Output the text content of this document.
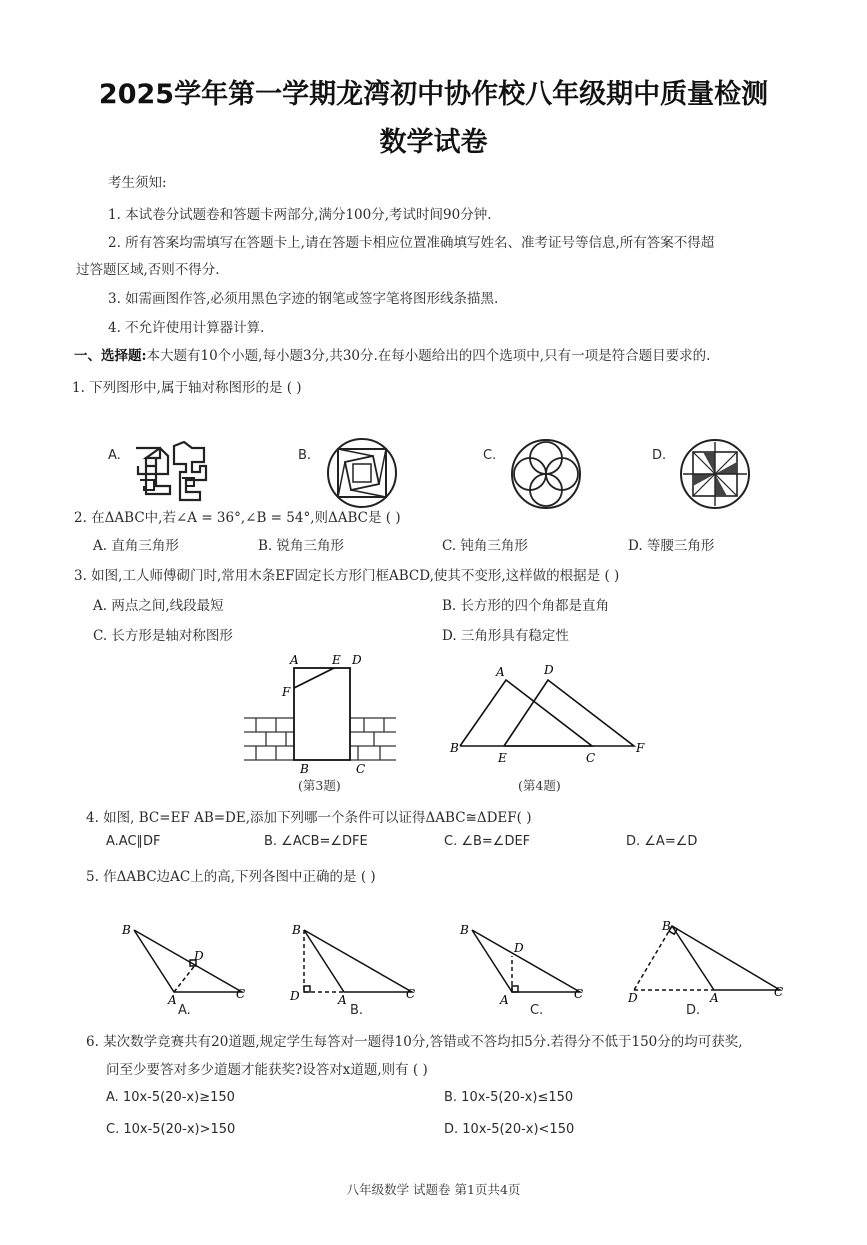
2025学年第一学期龙湾初中协作校八年级期中质量检测
数学试卷
考生须知:
1. 本试卷分试题卷和答题卡两部分,满分100分,考试时间90分钟.
2. 所有答案均需填写在答题卡上,请在答题卡相应位置准确填写姓名、准考证号等信息,所有答案不得超
过答题区域,否则不得分.
3. 如需画图作答,必须用黑色字迹的钢笔或签字笔将图形线条描黑.
4. 不允许使用计算器计算.
一、选择题:本大题有10个小题,每小题3分,共30分.在每小题给出的四个选项中,只有一项是符合题目要求的.
1. 下列图形中,属于轴对称图形的是 ( )
A.	B.	C.	D.
2. 在ΔABC中,若∠A = 36°,∠B = 54°,则ΔABC是 ( )
A. 直角三角形	B. 锐角三角形	C. 钝角三角形	D. 等腰三角形
3. 如图,工人师傅砌门时,常用木条EF固定长方形门框ABCD,使其不变形,这样做的根据是 ( )
A. 两点之间,线段最短	B. 长方形的四个角都是直角
C. 长方形是轴对称图形	D. 三角形具有稳定性
A	E D
F
B	C
(第3题)
A	D
B
E	C
F
(第4题)
4. 如图, BC=EF AB=DE,添加下列哪一个条件可以证得ΔABC≅ΔDEF( )
A.AC∥DF	B. ∠ACB=∠DFE	C. ∠B=∠DEF	D. ∠A=∠D
5. 作ΔABC边AC上的高,下列各图中正确的是 ( )
B
D
A	C
A.
B
D	A	C
B.
B
D
A	C
C.
B
D	A	C
D.
6. 某次数学竞赛共有20道题,规定学生每答对一题得10分,答错或不答均扣5分.若得分不低于150分的均可获奖,
问至少要答对多少道题才能获奖?设答对x道题,则有 ( )
A. 10x-5(20-x)≥150	B. 10x-5(20-x)≤150
C. 10x-5(20-x)>150	D. 10x-5(20-x)<150
八年级数学 试题卷 第1页共4页
